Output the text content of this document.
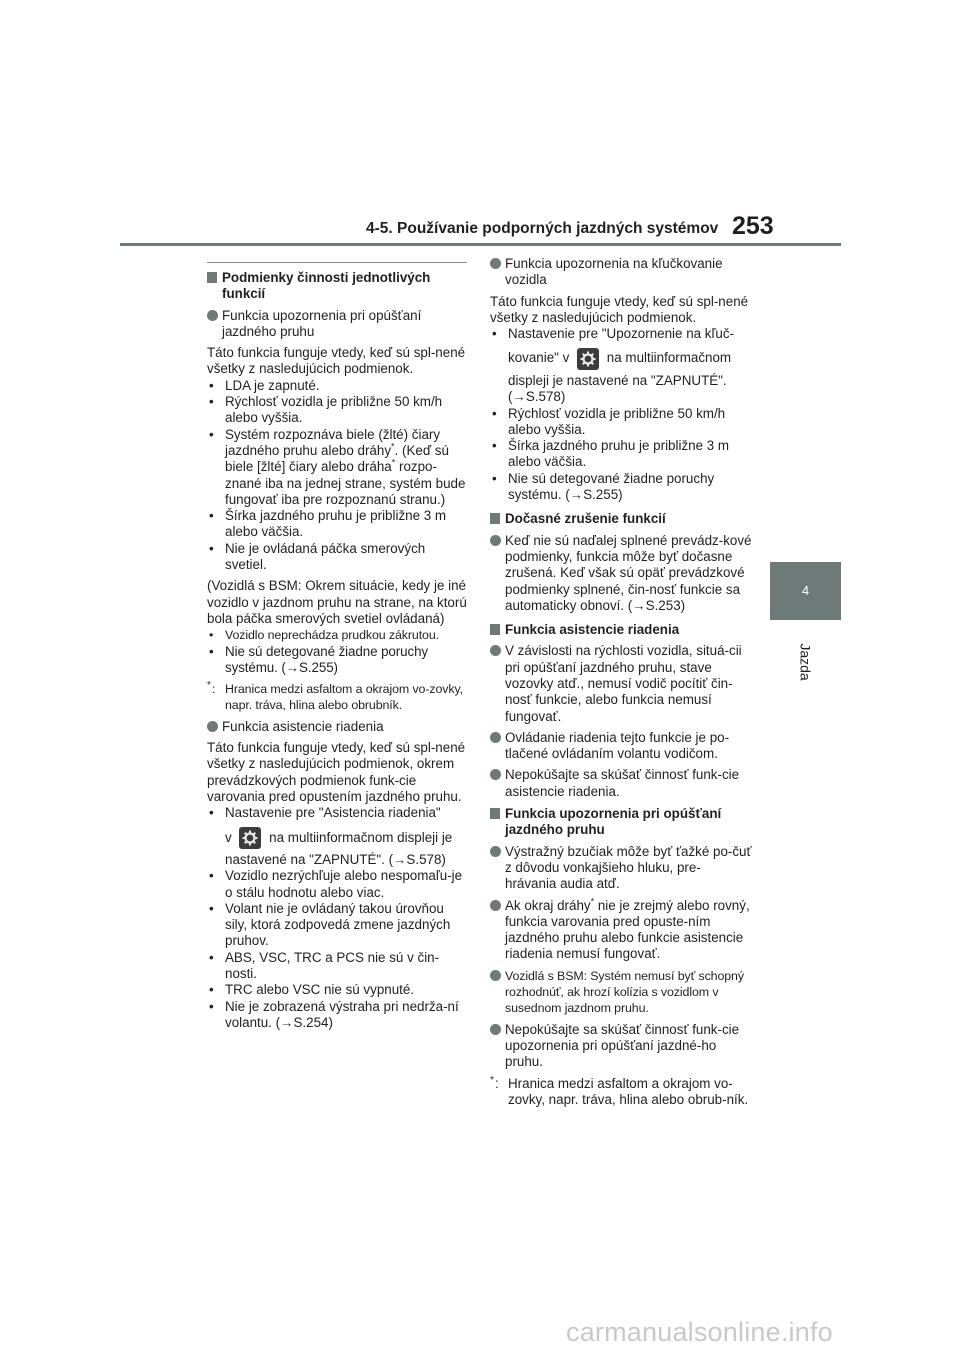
4-5. Používanie podporných jazdných systémov 253
4
Jazda
Podmienky činnosti jednotlivých funkcií
Funkcia upozornenia pri opúšťaní jazdného pruhu
Táto funkcia funguje vtedy, keď sú spl-nené všetky z nasledujúcich podmienok.
• LDA je zapnuté.
• Rýchlosť vozidla je približne 50 km/h alebo vyššia.
• Systém rozpoznáva biele (žlté) čiary jazdného pruhu alebo dráhy*. (Keď sú biele [žlté] čiary alebo dráha* rozpo-znané iba na jednej strane, systém bude fungovať iba pre rozpoznanú stranu.)
• Šírka jazdného pruhu je približne 3 m alebo väčšia.
• Nie je ovládaná páčka smerových svetiel.
(Vozidlá s BSM: Okrem situácie, kedy je iné vozidlo v jazdnom pruhu na strane, na ktorú bola páčka smerových svetiel ovládaná)
• Vozidlo neprechádza prudkou zákrutou.
• Nie sú detegované žiadne poruchy systému. (→S.255)
* : Hranica medzi asfaltom a okrajom vo-zovky, napr. tráva, hlina alebo obrubník.
Funkcia asistencie riadenia
Táto funkcia funguje vtedy, keď sú spl-nené všetky z nasledujúcich podmienok, okrem prevádzkových podmienok funk-cie varovania pred opustením jazdného pruhu.
• Nastavenie pre "Asistencia riadenia"
v	na multiinformačnom displeji je
nastavené na "ZAPNUTÉ". (→S.578)
• Vozidlo nezrýchľuje alebo nespomaľu-je o stálu hodnotu alebo viac.
• Volant nie je ovládaný takou úrovňou sily, ktorá zodpovedá zmene jazdných pruhov.
• ABS, VSC, TRC a PCS nie sú v čin-nosti.
• TRC alebo VSC nie sú vypnuté.
• Nie je zobrazená výstraha pri nedrža-ní volantu. (→S.254)
Funkcia upozornenia na kľučkovanie vozidla
Táto funkcia funguje vtedy, keď sú spl-nené všetky z nasledujúcich podmienok.
• Nastavenie pre "Upozornenie na kľuč-
kovanie" v	na multiinformačnom
displeji je nastavené na "ZAPNUTÉ". (→S.578)
• Rýchlosť vozidla je približne 50 km/h alebo vyššia.
• Šírka jazdného pruhu je približne 3 m alebo väčšia.
• Nie sú detegované žiadne poruchy systému. (→S.255)
Dočasné zrušenie funkcií
Keď nie sú naďalej splnené prevádz-kové podmienky, funkcia môže byť dočasne zrušená. Keď však sú opäť prevádzkové podmienky splnené, čin-nosť funkcie sa automaticky obnoví. (→S.253)
Funkcia asistencie riadenia
V závislosti na rýchlosti vozidla, situá-cii pri opúšťaní jazdného pruhu, stave vozovky atď., nemusí vodič pocítiť čin-nosť funkcie, alebo funkcia nemusí fungovať.
Ovládanie riadenia tejto funkcie je po-tlačené ovládaním volantu vodičom.
Nepokúšajte sa skúšať činnosť funk-cie asistencie riadenia.
Funkcia upozornenia pri opúšťaní jazdného pruhu
Výstražný bzučiak môže byť ťažké po-čuť z dôvodu vonkajšieho hluku, pre-hrávania audia atď.
Ak okraj dráhy* nie je zrejmý alebo rovný, funkcia varovania pred opuste-ním jazdného pruhu alebo funkcie asistencie riadenia nemusí fungovať.
Vozidlá s BSM: Systém nemusí byť schopný rozhodnúť, ak hrozí kolízia s vozidlom v susednom jazdnom pruhu.
Nepokúšajte sa skúšať činnosť funk-cie upozornenia pri opúšťaní jazdné-ho pruhu.
* : Hranica medzi asfaltom a okrajom vo-zovky, napr. tráva, hlina alebo obrub-ník.
carmanualsonline.info
